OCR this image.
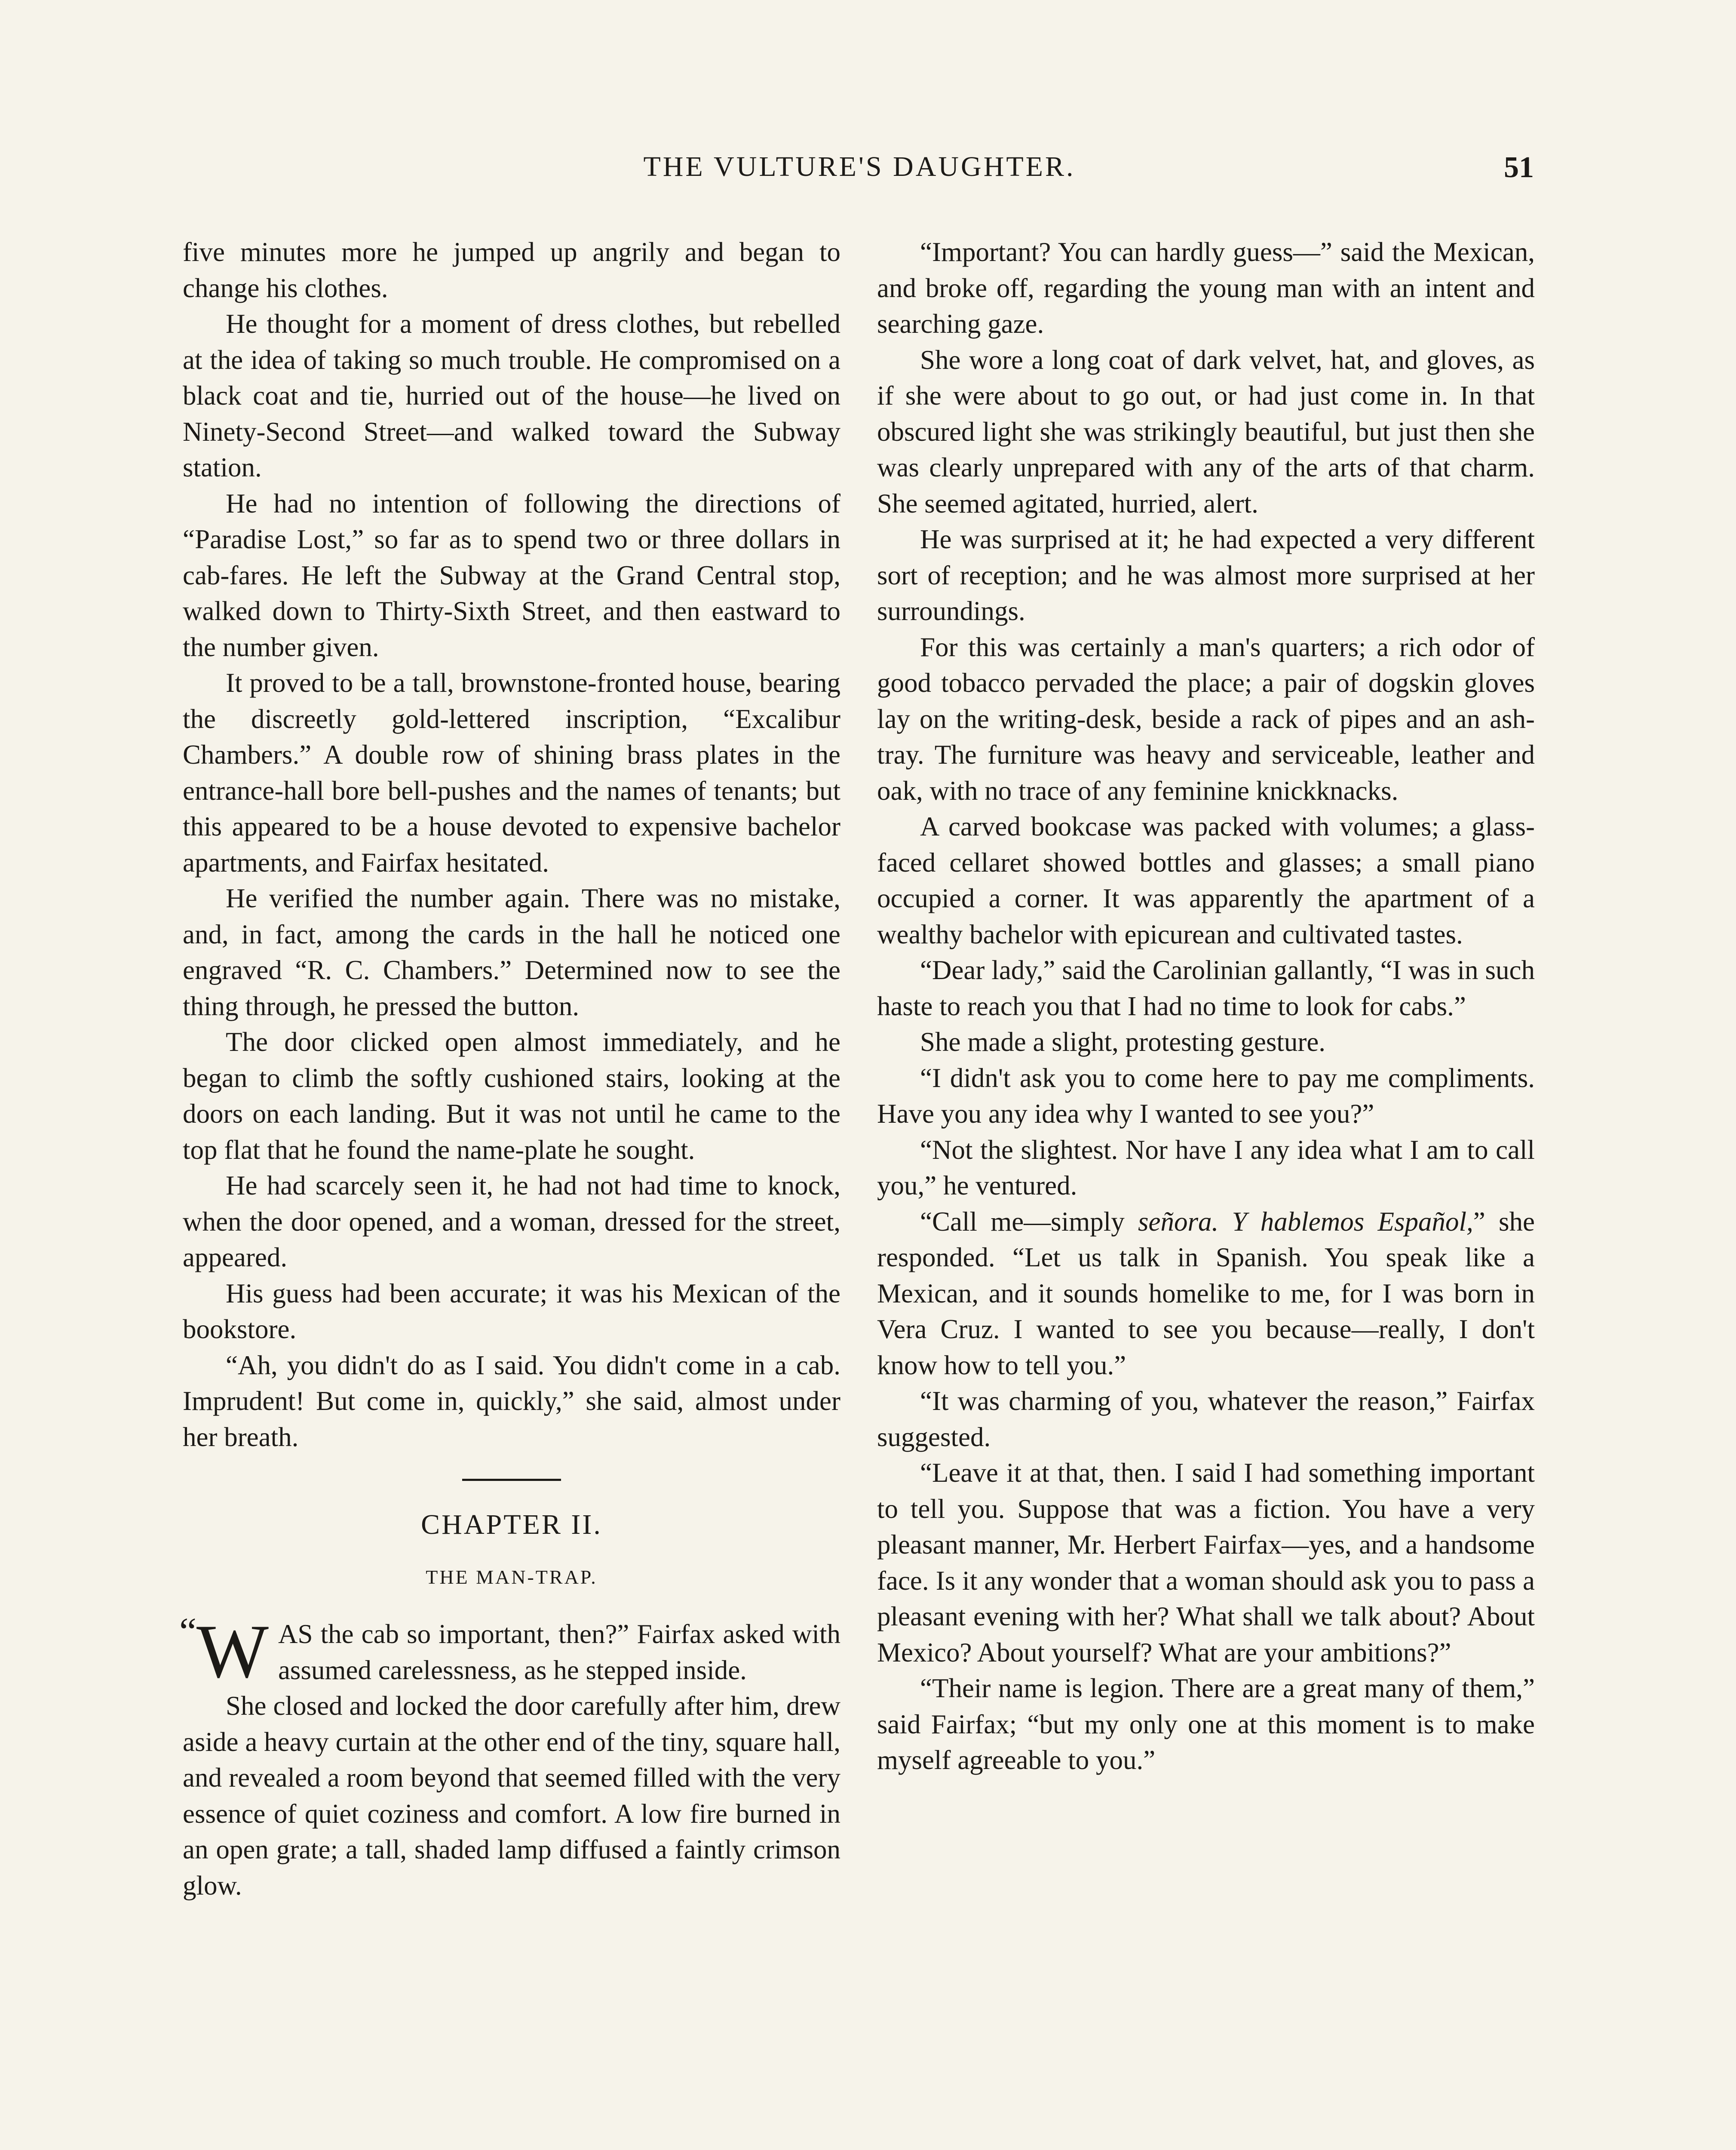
THE VULTURE'S DAUGHTER.	51

five minutes more he jumped up angrily and began to change his clothes.

He thought for a moment of dress clothes, but rebelled at the idea of taking so much trouble. He compromised on a black coat and tie, hurried out of the house—he lived on Ninety-Second Street—and walked toward the Subway station.

He had no intention of following the directions of “Paradise Lost,” so far as to spend two or three dollars in cab-fares. He left the Subway at the Grand Central stop, walked down to Thirty-Sixth Street, and then eastward to the number given.

It proved to be a tall, brownstone-fronted house, bearing the discreetly gold-lettered inscription, “Excalibur Chambers.” A double row of shining brass plates in the entrance-hall bore bell-pushes and the names of tenants; but this appeared to be a house devoted to expensive bachelor apartments, and Fairfax hesitated.

He verified the number again. There was no mistake, and, in fact, among the cards in the hall he noticed one engraved “R. C. Chambers.” Determined now to see the thing through, he pressed the button.

The door clicked open almost immediately, and he began to climb the softly cushioned stairs, looking at the doors on each landing. But it was not until he came to the top flat that he found the name-plate he sought.

He had scarcely seen it, he had not had time to knock, when the door opened, and a woman, dressed for the street, appeared.

His guess had been accurate; it was his Mexican of the bookstore.

“Ah, you didn't do as I said. You didn't come in a cab. Imprudent! But come in, quickly,” she said, almost under her breath.

CHAPTER II.
THE MAN-TRAP.

“W AS the cab so important, then?” Fairfax asked with assumed carelessness, as he stepped inside.

She closed and locked the door carefully after him, drew aside a heavy curtain at the other end of the tiny, square hall, and revealed a room beyond that seemed filled with the very essence of quiet coziness and comfort. A low fire burned in an open grate; a tall, shaded lamp diffused a faintly crimson glow.

“Important? You can hardly guess—” said the Mexican, and broke off, regarding the young man with an intent and searching gaze.

She wore a long coat of dark velvet, hat, and gloves, as if she were about to go out, or had just come in. In that obscured light she was strikingly beautiful, but just then she was clearly unprepared with any of the arts of that charm. She seemed agitated, hurried, alert.

He was surprised at it; he had expected a very different sort of reception; and he was almost more surprised at her surroundings.

For this was certainly a man's quarters; a rich odor of good tobacco pervaded the place; a pair of dogskin gloves lay on the writing-desk, beside a rack of pipes and an ash-tray. The furniture was heavy and serviceable, leather and oak, with no trace of any feminine knickknacks.

A carved bookcase was packed with volumes; a glass-faced cellaret showed bottles and glasses; a small piano occupied a corner. It was apparently the apartment of a wealthy bachelor with epicurean and cultivated tastes.

“Dear lady,” said the Carolinian gallantly, “I was in such haste to reach you that I had no time to look for cabs.”

She made a slight, protesting gesture.

“I didn't ask you to come here to pay me compliments. Have you any idea why I wanted to see you?”

“Not the slightest. Nor have I any idea what I am to call you,” he ventured.

“Call me—simply señora. Y hablemos Español,” she responded. “Let us talk in Spanish. You speak like a Mexican, and it sounds homelike to me, for I was born in Vera Cruz. I wanted to see you because—really, I don't know how to tell you.”

“It was charming of you, whatever the reason,” Fairfax suggested.

“Leave it at that, then. I said I had something important to tell you. Suppose that was a fiction. You have a very pleasant manner, Mr. Herbert Fairfax—yes, and a handsome face. Is it any wonder that a woman should ask you to pass a pleasant evening with her? What shall we talk about? About Mexico? About yourself? What are your ambitions?”

“Their name is legion. There are a great many of them,” said Fairfax; “but my only one at this moment is to make myself agreeable to you.”
